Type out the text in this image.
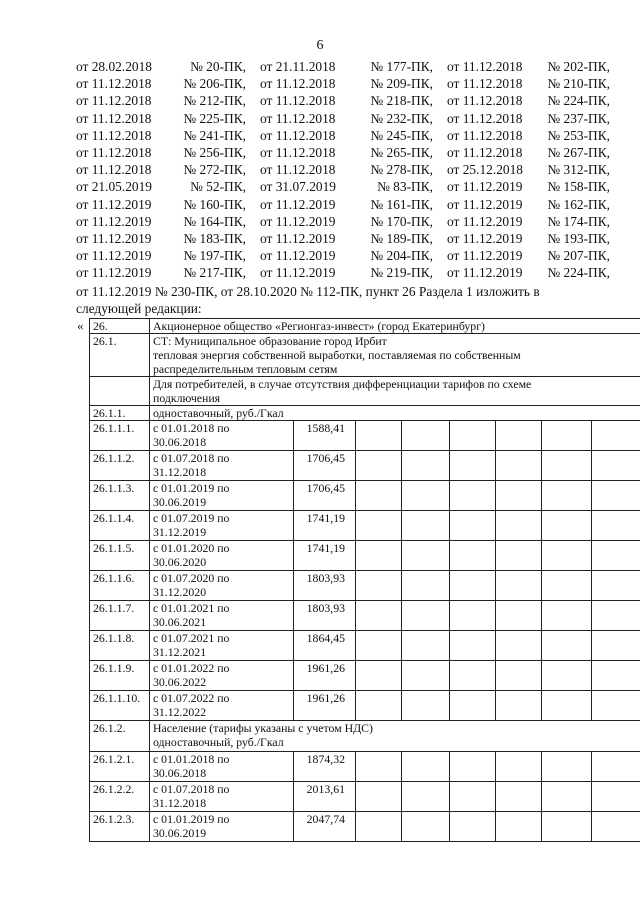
6
от 28.02.2018	№ 20-ПК,	от 21.11.2018	№ 177-ПК,	от 11.12.2018	№ 202-ПК,
от 11.12.2018	№ 206-ПК,	от 11.12.2018	№ 209-ПК,	от 11.12.2018	№ 210-ПК,
от 11.12.2018	№ 212-ПК,	от 11.12.2018	№ 218-ПК,	от 11.12.2018	№ 224-ПК,
от 11.12.2018	№ 225-ПК,	от 11.12.2018	№ 232-ПК,	от 11.12.2018	№ 237-ПК,
от 11.12.2018	№ 241-ПК,	от 11.12.2018	№ 245-ПК,	от 11.12.2018	№ 253-ПК,
от 11.12.2018	№ 256-ПК,	от 11.12.2018	№ 265-ПК,	от 11.12.2018	№ 267-ПК,
от 11.12.2018	№ 272-ПК,	от 11.12.2018	№ 278-ПК,	от 25.12.2018	№ 312-ПК,
от 21.05.2019	№ 52-ПК,	от 31.07.2019	№ 83-ПК,	от 11.12.2019	№ 158-ПК,
от 11.12.2019	№ 160-ПК,	от 11.12.2019	№ 161-ПК,	от 11.12.2019	№ 162-ПК,
от 11.12.2019	№ 164-ПК,	от 11.12.2019	№ 170-ПК,	от 11.12.2019	№ 174-ПК,
от 11.12.2019	№ 183-ПК,	от 11.12.2019	№ 189-ПК,	от 11.12.2019	№ 193-ПК,
от 11.12.2019	№ 197-ПК,	от 11.12.2019	№ 204-ПК,	от 11.12.2019	№ 207-ПК,
от 11.12.2019	№ 217-ПК,	от 11.12.2019	№ 219-ПК,	от 11.12.2019	№ 224-ПК,
от 11.12.2019 № 230-ПК, от 28.10.2020 № 112-ПК, пункт 26 Раздела 1 изложить в
следующей редакции:
« 26.	Акционерное общество «Регионгаз-инвест» (город Екатеринбург)							
26.1.	СТ: Муниципальное образование город Ирбит
тепловая энергия собственной выработки, поставляемая по собственным
распределительным тепловым сетям							

	Для потребителей, в случае отсутствия дифференциации тарифов по схеме
подключения							

26.1.1.	одноставочный, руб./Гкал							
26.1.1.1.	с 01.01.2018 по
30.06.2018	1588,41						
26.1.1.2.	с 01.07.2018 по
31.12.2018	1706,45						
26.1.1.3.	с 01.01.2019 по
30.06.2019	1706,45						
26.1.1.4.	с 01.07.2019 по
31.12.2019	1741,19						
26.1.1.5.	с 01.01.2020 по
30.06.2020	1741,19						
26.1.1.6.	с 01.07.2020 по
31.12.2020	1803,93						
26.1.1.7.	с 01.01.2021 по
30.06.2021	1803,93						
26.1.1.8.	с 01.07.2021 по
31.12.2021	1864,45						
26.1.1.9.	с 01.01.2022 по
30.06.2022	1961,26						
26.1.1.10.	с 01.07.2022 по
31.12.2022	1961,26						
26.1.2.	Население (тарифы указаны с учетом НДС)
одноставочный, руб./Гкал							

26.1.2.1.	с 01.01.2018 по
30.06.2018	1874,32						
26.1.2.2.	с 01.07.2018 по
31.12.2018	2013,61						
26.1.2.3.	с 01.01.2019 по
30.06.2019	2047,74						
